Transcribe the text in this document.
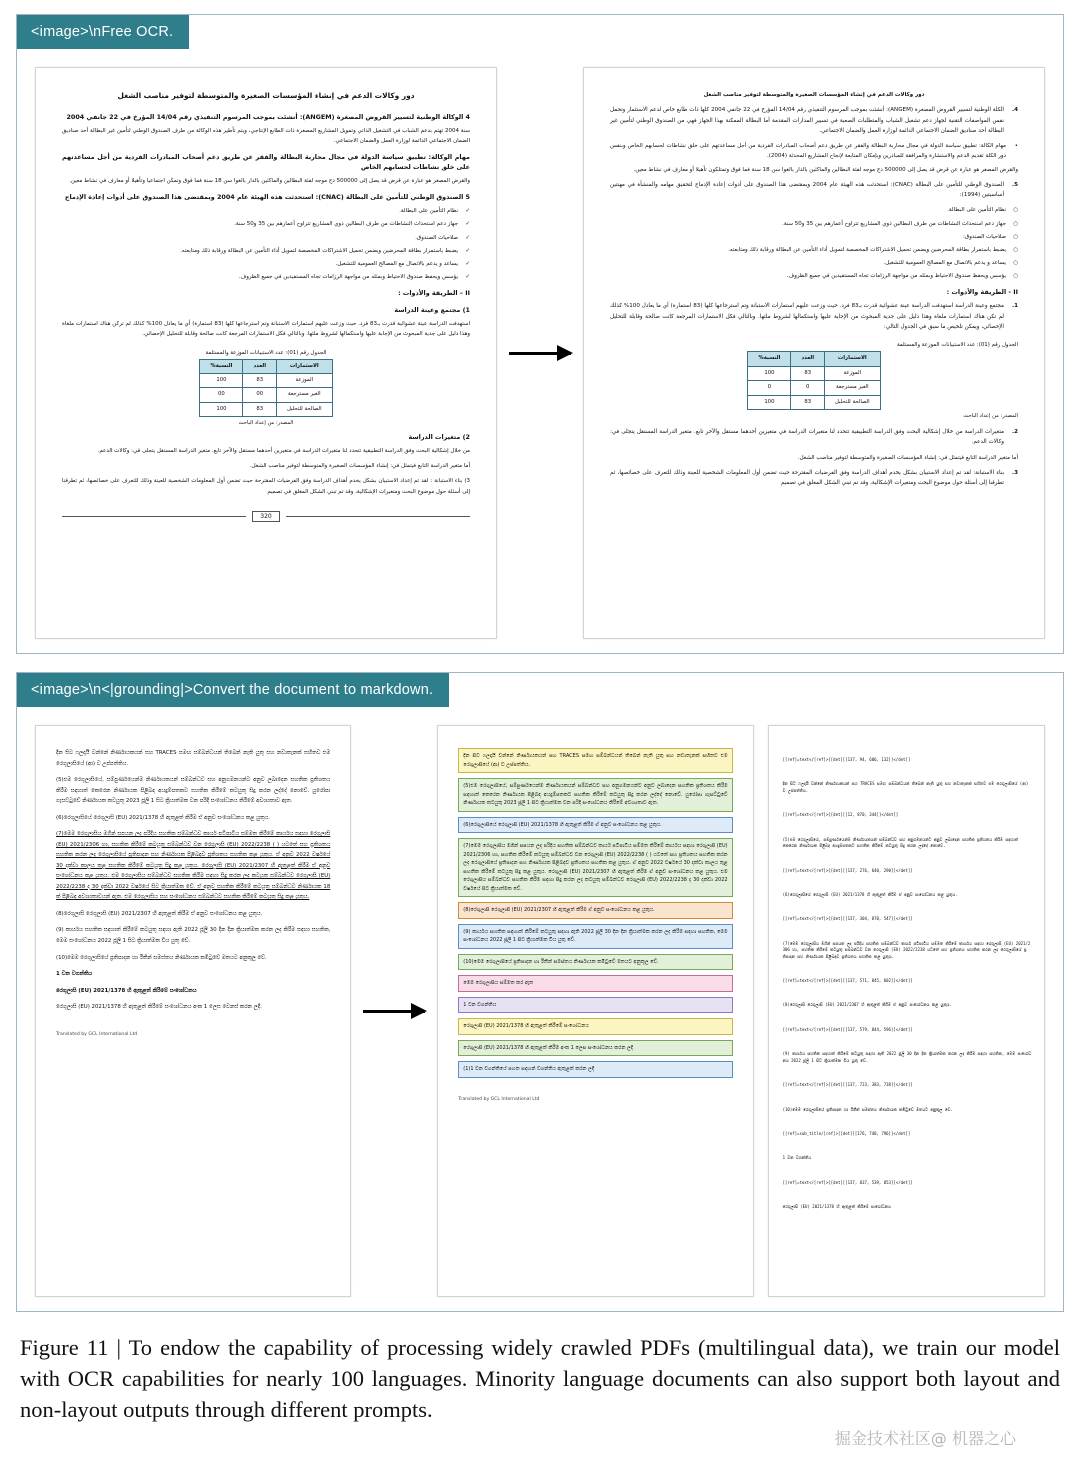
<image>\nFree OCR.
دور وكالات الدعم في إنشاء المؤسسات الصغيرة والمتوسطة لتوفير مناصب الشغل
4 الوكالة الوطنية لتسيير القروض المصغرة (ANGEM): أنشئت بموجب المرسوم التنفيذي رقم 14/04 المؤرخ في 22 جانفي 2004

سنة 2004 تهتم بدعم الشباب في التشغيل الذاتي وتمويل المشاريع المصغرة ذات الطابع الإنتاجي، ويتم تأطير هذه الوكالة من طرف الصندوق الوطني لتأمين غير البطالة أحد صناديق الضمان الاجتماعي الدائمة لوزارة العمل والضمان الاجتماعي.

مهام الوكالة: تطبيق سياسة الدولة في مجال محاربة البطالة والفقر عن طريق دعم أصحاب المبادرات الفردية من أجل مساعدتهم على خلق نشاطات لحسابهم الخاص

والقرض المصغر هو عبارة عن قرض قد يصل إلى 500000 دج موجه لفئة البطالين والماكثين بالدار بالغوا سن 18 سنة فما فوق وتمكن اجتماعيا وتأهيلا أو معارف في نشاط معين.

5 الصندوق الوطني للتأمين على البطالة (CNAC): استحدثت هذه الهيئة عام 2004 وبمقتضى هذا الصندوق على أدوات إعادة الإدماج
✓ نظام التأمين على البطالة.
✓ جهاز دعم استحداث النشاطات من طرف البطالين ذوي المشاريع تتراوح أعمارهم بين 35 و50 سنة.
✓ صلاحيات الصندوق.
✓ يضبط باستمرار بطاقة المحرضين ويضمن تحميل الاشتراكات المخصصة لتمويل أداء التأمين عن البطالة ورقابة ذلك ومتابعته.
✓ يساعد و يدعم بالاتصال مع المصالح العمومية للتشغيل.
✓ يؤسس ويحفظ صندوق الاحتياط وبمثله من مواجهة الرزامات تجاه المستفيدين في جميع الظروف.
II – الطريقة والأدوات :
1) مجتمع وعينة الدراسة

استهدفت الدراسة عينة عشوائية قدرت بـ83 فرد. حيث وزعت عليهم استمارات الاستبانة وتم استرجاعها كلها (83 استمارة) أي ما يعادل 100% كذلك لم تركن هناك استمارات ملغاة وهذا دليل على جدية المبحوث من الإجابة عليها واستكمالها لشروط ملئها. وبالتالي فكل الاستمارات المرجعة كانت صالحة وقابلة للتحليل الإحصائي.

الجدول رقم (01): عدد الاستبيانات الموزعة والمستلمة
الاستمارات	العدد	النسبة%
الموزعة	83	100
الغير مسترجعة	00	00
الصالحة للتحليل	83	100
المصدر: من إعداد الباحث
2) متغيرات الدراسة

من خلال إشكالية البحث وفق الدراسة التطبيقية تتحدد لنا متغيرات الدراسة في متغيرين أحدهما مستقل والآخر تابع. متغير الدراسة المستقل يتجلى في: وكالات الدعم.

أما متغير الدراسة التابع فيتمثل في: إنشاء المؤسسات الصغيرة والمتوسطة لتوفير مناصب الشغل.

3) بناء الاستبانة : لقد تم إعداد الاستبيان بشكل يخدم أهداف الدراسة وفق الفرضيات المقترحة حيث تضمن أول المعلومات الشخصية للعينة وذلك للتعرف على خصائصها، ثم تطرقنا إلى أسئلة حول موضوع البحث ومتغيرات الإشكالية، وقد تم تبني الشكل المغلق في تصميم

320
دور وكالات الدعم في إنشاء المؤسسات الصغيرة والمتوسطة لتوفير مناصب الشغل
4.
الكلة الوطنية لتسيير القروض المصغرة (ANGEM): أنشئت بموجب المرسوم التنفيذي رقم 14/04 المؤرخ في 22 جانفي 2004 كلها ذات طابع خاص لدعم الاستثمار وتحمل نفس المواصفات التقنية لجهاز دعم تشغيل الشباب والمتطلبات الصعبة في تسيير المدارات المقدمة أما البطالة الممكنة بهذا الجهاز فهي من الصندوق الوطني لتأمين غير البطالة أحد صناديق الضمان الاجتماعي الدائمة لوزارة العمل والضمان الاجتماعي.
• مهام الكالة: تطبيق سياسة الدولة في مجال محاربة البطالة والفقر عن طريق دعم أصحاب المبادرات الفردية من أجل مساعدتهم على خلق نشاطات لحسابهم الخاص وبنفس دور الكلة تقديم الدعم والاستشارة والمرافقة للمبادرين وبإمكان المتابعة لإنجاح المشاريع المحدثة (2004).

والقرض المصغر هو عبارة عن قرض قد يصل إلى 500000 دج موجه لفئة البطالين والماكثين بالدار بالغوا سن 18 سنة فما فوق وتمتلكون تأهيلا أو معارف في نشاط معين.

5.
الصندوق الوطني للتأمين على البطالة (CNAC): استحدثت هذه الهيئة عام 2004 وبمقتضى هذا الصندوق على أدوات إعادة الإدماج لتحقيق مهامه والمنشأة في مهنتين أساسيتين (1994):
○ نظام التأمين على البطالة.
○ جهاز دعم استحداث النشاطات من طرف البطالين ذوي المشاريع تتراوح أعمارهم بين 35 و50 سنة.
○ صلاحيات الصندوق:
○ يضبط باستمرار بطاقة المحرضين ويضمن تحميل الاشتراكات المخصصة لتمويل أداء التأمين عن البطالة ورقابة ذلك ومتابعته.
○ يساعد و يدعم بالاتصال مع المصالح العمومية للتشغيل.
○ يؤسس ويحفظ صندوق الاحتياط وبمثله من مواجهة الرزامات تجاه المستفيدين في جميع الظروف.
II - الطريقة والأدوات :
1.
مجتمع وعينة الدراسة استهدفت الدراسة عينة عشوائية قدرت بـ83 فرد. حيث وزعت عليهم استمارات الاستبانة وتم استرجاعها كلها (83 استمارة) أي ما يعادل 100% كذلك لم تكن هناك استمارات ملغاة وهذا دليل على جدية المبحوث من الإجابة عليها واستكمالها لشروط ملئها. وبالتالي فكل الاستمارات المرجعة كانت صالحة وقابلة للتحليل الإحصائي، ويمكن تلخيص ما سبق في الجدول التالي:
الجدول رقم (01): عدد الاستبيانات الموزعة والمستلمة
الاستمارات	العدد	النسبة%
الموزعة	83	100
الغير مسترجعة	0	0
الصالحة للتحليل	83	100
المصدر: من إعداد الباحث
2.
متغيرات الدراسة من خلال إشكالية البحث وفق الدراسة التطبيقية تتحدد لنا متغيرات الدراسة في متغيرين أحدهما مستقل والآخر تابع. متغير الدراسة المستقل يتجلى في: وكالات الدعم.

أما متغير الدراسة التابع فيتمثل في: إنشاء المؤسسات الصغيرة والمتوسطة لتوفير مناصب الشغل.

3.
بناء الاستبانة: لقد تم إعداد الاستبيان بشكل يخدم أهداف الدراسة وفق الفرضيات المقترحة حيث تضمن أول المعلومات الشخصية للعينة وذلك للتعرف على خصائصها، ثم تطرقنا إلى أسئلة حول موضوع البحث ومتغيرات الإشكالية، وقد تم تبني الشكل المغلق في تصميم
<image>\n<|grounding|>Convert the document to markdown.

දින සිට ෆලදායී වන්නේ නිර්ණායකයන් සහ TRACES සමඟ සම්බන්ධයන් තිබෙන් නැති යුතු සහ නවාතැනක් සහිතව එම රෙගුලාසියේ (ආ) ව උප්පත්තිය.

(5)එම රෙගුලාසියේ, සම්පුර්ණයෙන්ම නිර්ණායකයන් සම්බන්ධව සහ අනුගමනයන්ට අනුව ලබාදෙන සහතික ප්‍රතිශතය කිරීම සඳහාත් කෙරෙන නිර්ණායක පිළිබඳ අයදුම්පතකට සහතික කිරීමේ කටයුතු සිදු කරන ලද්දේ නොවේ. යුරෝපා ගැසට්ටුවේ නිර්ණායක කටයුතු 2023 ජූලි 1 සිට ක්‍රියාත්මක වන පරිදි සංශෝධනය කිරීමේ අවශ්‍යතාව ඇත.

(6)රෙගුලාසියේ රෙගුලාසි (EU) 2021/1378 හි ඇතුළත් කිරීම ඒ අනුව සංශෝධනය කළ යුතුය.

(7)මෙම රෙගුලාසිය මගින් සපයන ලද පරිදිය සහතික සම්බන්ධව කාර්ය පටිපාටිය සම්මත කිරීමේ කාර්යය සඳහා රෙගුලාසි (EU) 2021/2306 හා, සහතික කිරීමේ කටයුතු සම්බන්ධව වන රෙගුලාසි (EU) 2022/2238 ( ) යටතේ සහ ප්‍රතිශතය සහතික කරන ලද රෙගුලාසියේ ප්‍රතිපාදන සහ නිර්ණායක පිළිබඳව ප්‍රතිශතය සහතික කළ යුතුය. ඒ අනුව 2022 වර්ෂයේ 30 දක්වා කාලය තුළ සහතික කිරීමේ කටයුතු සිදු කළ යුතුය. රෙගුලාසි (EU) 2021/2307 හි ඇතුළත් කිරීම ඒ අනුව සංශෝධනය කළ යුතුය. එම රෙගුලාසිය සම්බන්ධව සහතික කිරීම සඳහා සිදු කරන ලද කටයුතු සම්බන්ධව රෙගුලාසි (EU) 2022/2238 ද 30 දක්වා 2022 වර්ෂයේ සිට ක්‍රියාත්මක වේ. ඒ අනුව සහතික කිරීමේ කටයුතු සම්බන්ධව නිර්ණායක 18 ක් පිළිබඳ අවශ්‍යතාවයන් ඇත. එම රෙගුලාසිය සහ සංශෝධනය සම්බන්ධව සහතික කිරීමේ කටයුතු සිදු කළ යුතුය.

(8)රෙගුලාසි රෙගුලාසි (EU) 2021/2307 හි ඇතුළත් කිරීම ඒ අනුව සංශෝධනය කළ යුතුය.

(9) කාර්යය සහතික සඳහාත් කිරීමේ කටයුතු සඳහා ඇති 2022 ජූලි 30 දින දින ක්‍රියාත්මක කරන ලද කිරීම සඳහා සහතික, මෙම සංශෝධනය 2022 ජූලි 1 සිට ක්‍රියාත්මක විය යුතු වේ.

(10)මෙම රෙගුලාසියේ ප්‍රතිපාදන හා රීතීන් සමස්තය නිර්ණායක කමිටුවේ මතයට අනුකූල වේ.

1 වන වගන්තිය

රෙගුලාසි (EU) 2021/1378 හි ඇතුළත් කිරීමේ සංශෝධනය

රෙගුලාසි (EU) 2021/1378 හි ඇතුළත් කිරීමේ සංශෝධනය අංක 1 ලෙස වෙනස් කරන ලදී.

Translated by GCL International Ltd
දින සිට ෆලදායී වන්නේ නිර්ණායකයන් සහ TRACES සමඟ සම්බන්ධයන් තිබෙන් නැති යුතු සහ නවාතැනක් සහිතව එම රෙගුලාසියේ (ආ) ව උප්පත්තිය.
(5)එම රෙගුලාසියේ, සම්පුර්ණයෙන්ම නිර්ණායකයන් සම්බන්ධව සහ අනුගමනයන්ට අනුව ලබාදෙන සහතික ප්‍රතිශතය කිරීම සඳහාත් කෙරෙන නිර්ණායක පිළිබඳ අයදුම්පතකට සහතික කිරීමේ කටයුතු සිදු කරන ලද්දේ නොවේ. යුරෝපා ගැසට්ටුවේ නිර්ණායක කටයුතු 2023 ජූලි 1 සිට ක්‍රියාත්මක වන පරිදි සංශෝධනය කිරීමේ අවශ්‍යතාව ඇත.
(6)රෙගුලාසියේ රෙගුලාසි (EU) 2021/1378 හි ඇතුළත් කිරීම ඒ අනුව සංශෝධනය කළ යුතුය.
(7)මෙම රෙගුලාසිය මගින් සපයන ලද පරිදිය සහතික සම්බන්ධව කාර්ය පටිපාටිය සම්මත කිරීමේ කාර්යය සඳහා රෙගුලාසි (EU) 2021/2306 හා, සහතික කිරීමේ කටයුතු සම්බන්ධව වන රෙගුලාසි (EU) 2022/2238 ( ) යටතේ සහ ප්‍රතිශතය සහතික කරන ලද රෙගුලාසියේ ප්‍රතිපාදන සහ නිර්ණායක පිළිබඳව ප්‍රතිශතය සහතික කළ යුතුය. ඒ අනුව 2022 වර්ෂයේ 30 දක්වා කාලය තුළ සහතික කිරීමේ කටයුතු සිදු කළ යුතුය. රෙගුලාසි (EU) 2021/2307 හි ඇතුළත් කිරීම ඒ අනුව සංශෝධනය කළ යුතුය. එම රෙගුලාසිය සම්බන්ධව සහතික කිරීම සඳහා සිදු කරන ලද කටයුතු සම්බන්ධව රෙගුලාසි (EU) 2022/2238 ද 30 දක්වා 2022 වර්ෂයේ සිට ක්‍රියාත්මක වේ.
(8)රෙගුලාසි රෙගුලාසි (EU) 2021/2307 හි ඇතුළත් කිරීම ඒ අනුව සංශෝධනය කළ යුතුය.
(9) කාර්යය සහතික සඳහාත් කිරීමේ කටයුතු සඳහා ඇති 2022 ජූලි 30 දින දින ක්‍රියාත්මක කරන ලද කිරීම සඳහා සහතික, මෙම සංශෝධනය 2022 ජූලි 1 සිට ක්‍රියාත්මක විය යුතු වේ.
(10)මෙම රෙගුලාසියේ ප්‍රතිපාදන හා රීතීන් සමස්තය නිර්ණායක කමිටුවේ මතයට අනුකූල වේ.
මෙම රෙගුලාසිය සම්මත කර ඇත
1 වන වගන්තිය
රෙගුලාසි (EU) 2021/1378 හි ඇතුළත් කිරීමේ සංශෝධනය
රෙගුලාසි (EU) 2021/1378 හි ඇතුළත් කිරීම අංක 1 ලෙස සංශෝධනය කරන ලදී
(1)1 වන වගන්තියේ පහත සඳහන් වගන්තිය ඇතුළත් කරන ලදී
Translated by GCL International Ltd

[[ref]=text</[ref]>[[det][[137, 94, 606, 132]]</det]]

දින සිට ෆලදායී වන්නේ නිර්ණායකයන් සහ TRACES සමඟ සම්බන්ධයන් තිබෙන් නැති යුතු සහ නවාතැනක් සහිතව එම රෙගුලාසියේ (ආ) ව උප්පත්තිය.

[[ref]=text</[ref]>[[det][[12, 870, 344]]</det]]

(5)එම රෙගුලාසියේ, සම්පුර්ණයෙන්ම නිර්ණායකයන් සම්බන්ධව සහ අනුගමනයන්ට අනුව ලබාදෙන සහතික ප්‍රතිශතය කිරීම සඳහාත් කෙරෙන නිර්ණායක පිළිබඳ අයදුම්පතකට සහතික කිරීමේ කටයුතු සිදු කරන ලද්දේ නොවේ.

[[ref]=text</[ref]>[[det][[137, 276, 640, 290]]</det]]

(6)රෙගුලාසියේ රෙගුලාසි (EU) 2021/1378 හි ඇතුළත් කිරීම ඒ අනුව සංශෝධනය කළ යුතුය.

[[ref]=text</[ref]>[[det][[137, 304, 870, 547]]</det]]

(7)මෙම රෙගුලාසිය මගින් සපයන ලද පරිදිය සහතික සම්බන්ධව කාර්ය පටිපාටිය සම්මත කිරීමේ කාර්යය සඳහා රෙගුලාසි (EU) 2021/2306 හා, සහතික කිරීමේ කටයුතු සම්බන්ධව වන රෙගුලාසි (EU) 2022/2238 යටතේ සහ ප්‍රතිශතය සහතික කරන ලද රෙගුලාසියේ ප්‍රතිපාදන සහ නිර්ණායක පිළිබඳව ප්‍රතිශතය සහතික කළ යුතුය.

[[ref]=text</[ref]>[[det][[137, 571, 845, 602]]</det]]

(8)රෙගුලාසි රෙගුලාසි (EU) 2021/2307 හි ඇතුළත් කිරීම ඒ අනුව සංශෝධනය කළ යුතුය.

[[ref]=text</[ref]>[[det][[137, 579, 844, 596]]</det]]

(9) කාර්යය සහතික සඳහාත් කිරීමේ කටයුතු සඳහා ඇති 2022 ජූලි 30 දින දින ක්‍රියාත්මක කරන ලද කිරීම සඳහා සහතික, මෙම සංශෝධනය 2022 ජූලි 1 සිට ක්‍රියාත්මක විය යුතු වේ.

[[ref]=text</[ref]>[[det][[137, 723, 383, 738]]</det]]

(10)මෙම රෙගුලාසියේ ප්‍රතිපාදන හා රීතීන් සමස්තය නිර්ණායක කමිටුවේ මතයට අනුකූල වේ.

[[ref]=sub_title/[ref]>[[det][[176, 748, 796]]</det]]

1 වන වගන්තිය

[[ref]=text</[ref]>[[det][[137, 837, 539, 853]]</det]]

රෙගුලාසි (EU) 2021/1378 හි ඇතුළත් කිරීමේ සංශෝධනය

Figure 11 | To endow the capability of processing widely crawled PDFs (multilingual data), we train our model with OCR capabilities for nearly 100 languages. Minority language documents can also support both layout and non-layout outputs through different prompts.
掘金技术社区@ 机器之心
